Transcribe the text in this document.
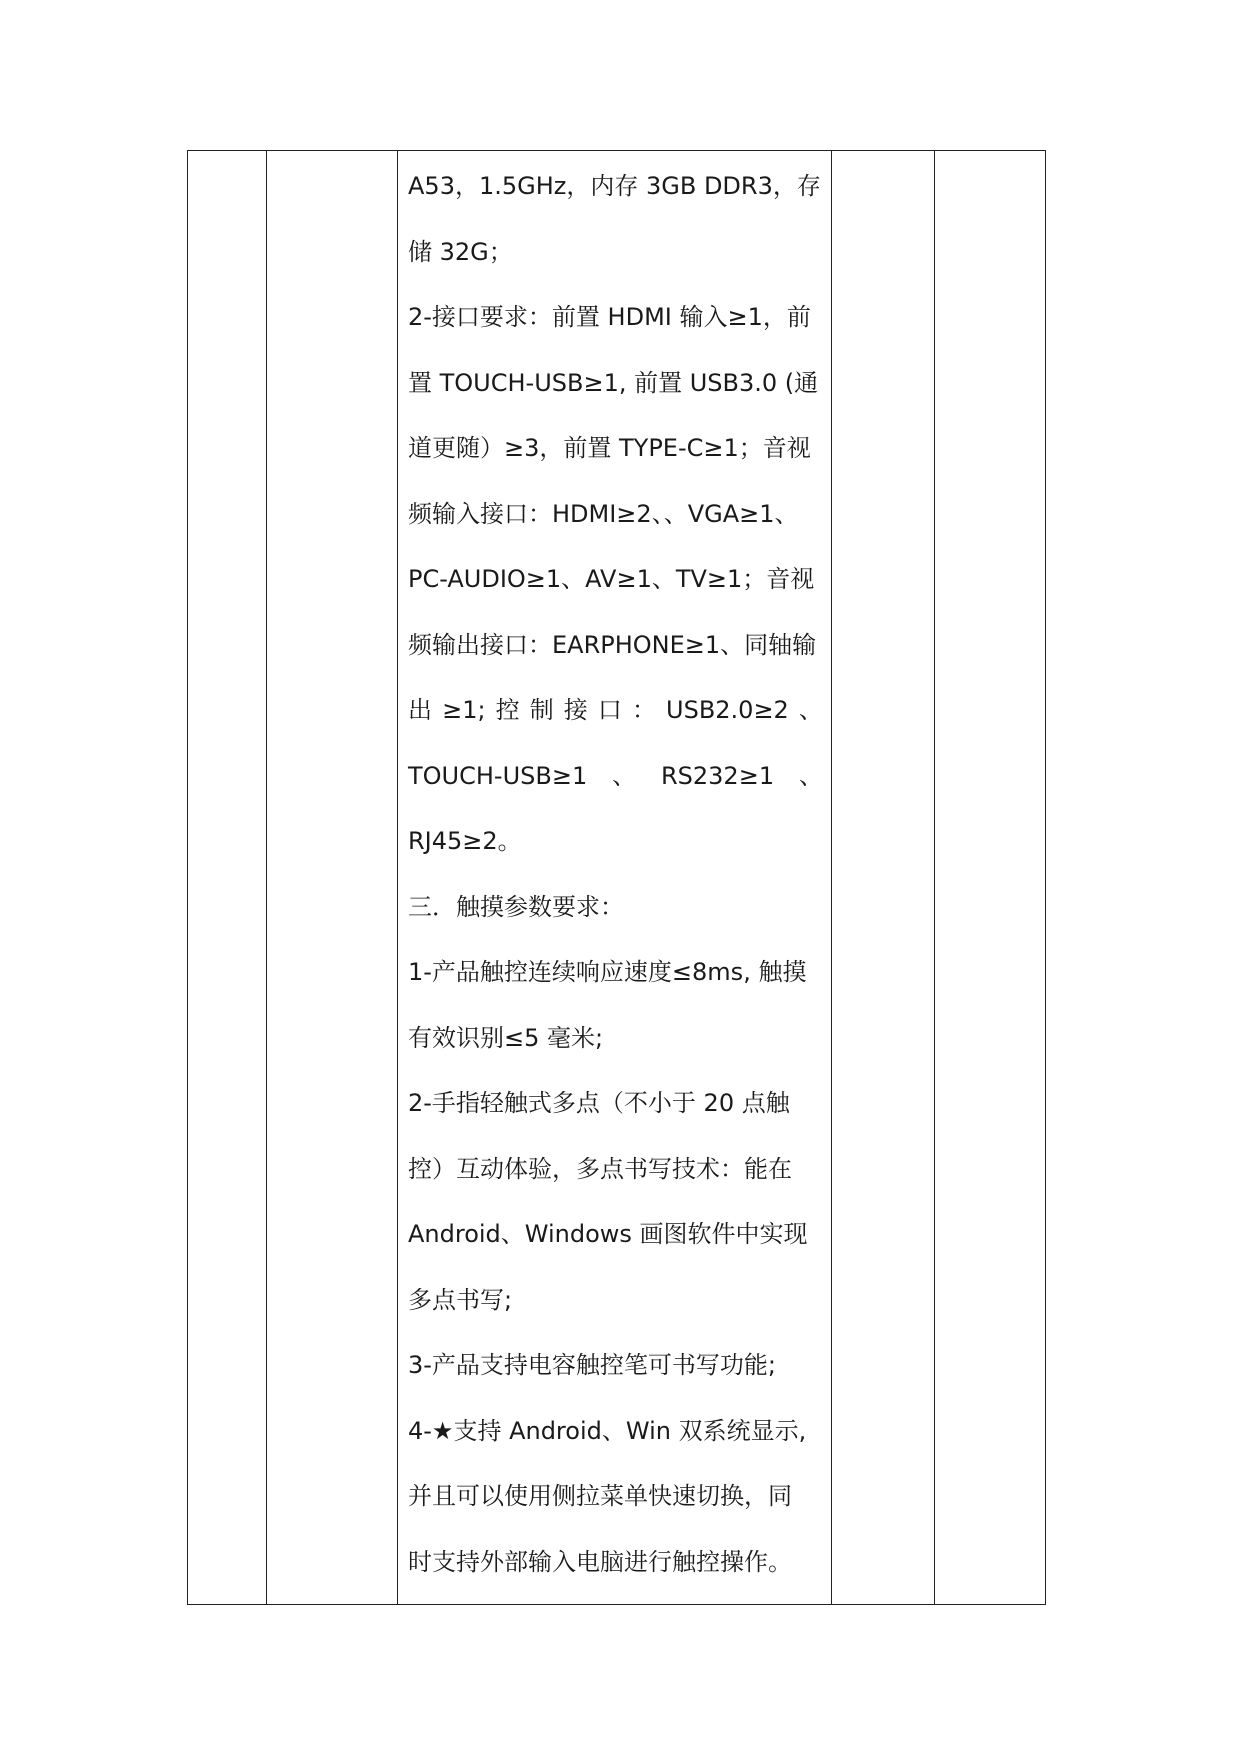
A53，1.5GHz，内存 3GB DDR3，存
储 32G；
2-接口要求：前置 HDMI 输入≥1，前
置 TOUCH-USB≥1, 前置 USB3.0 (通
道更随）≥3，前置 TYPE-C≥1；音视
频输入接口：HDMI≥2、、VGA≥1、
PC-AUDIO≥1、AV≥1、TV≥1；音视
频输出接口：EARPHONE≥1、同轴输
出 ≥1; 控 制 接 口 ： USB2.0≥2 、
TOUCH-USB≥1 、 RS232≥1 、
RJ45≥2。
三．触摸参数要求：
1-产品触控连续响应速度≤8ms, 触摸
有效识别≤5 毫米;
2-手指轻触式多点（不小于 20 点触
控）互动体验，多点书写技术：能在
Android、Windows 画图软件中实现
多点书写;
3-产品支持电容触控笔可书写功能;
4-★支持 Android、Win 双系统显示,
并且可以使用侧拉菜单快速切换，同
时支持外部输入电脑进行触控操作。
